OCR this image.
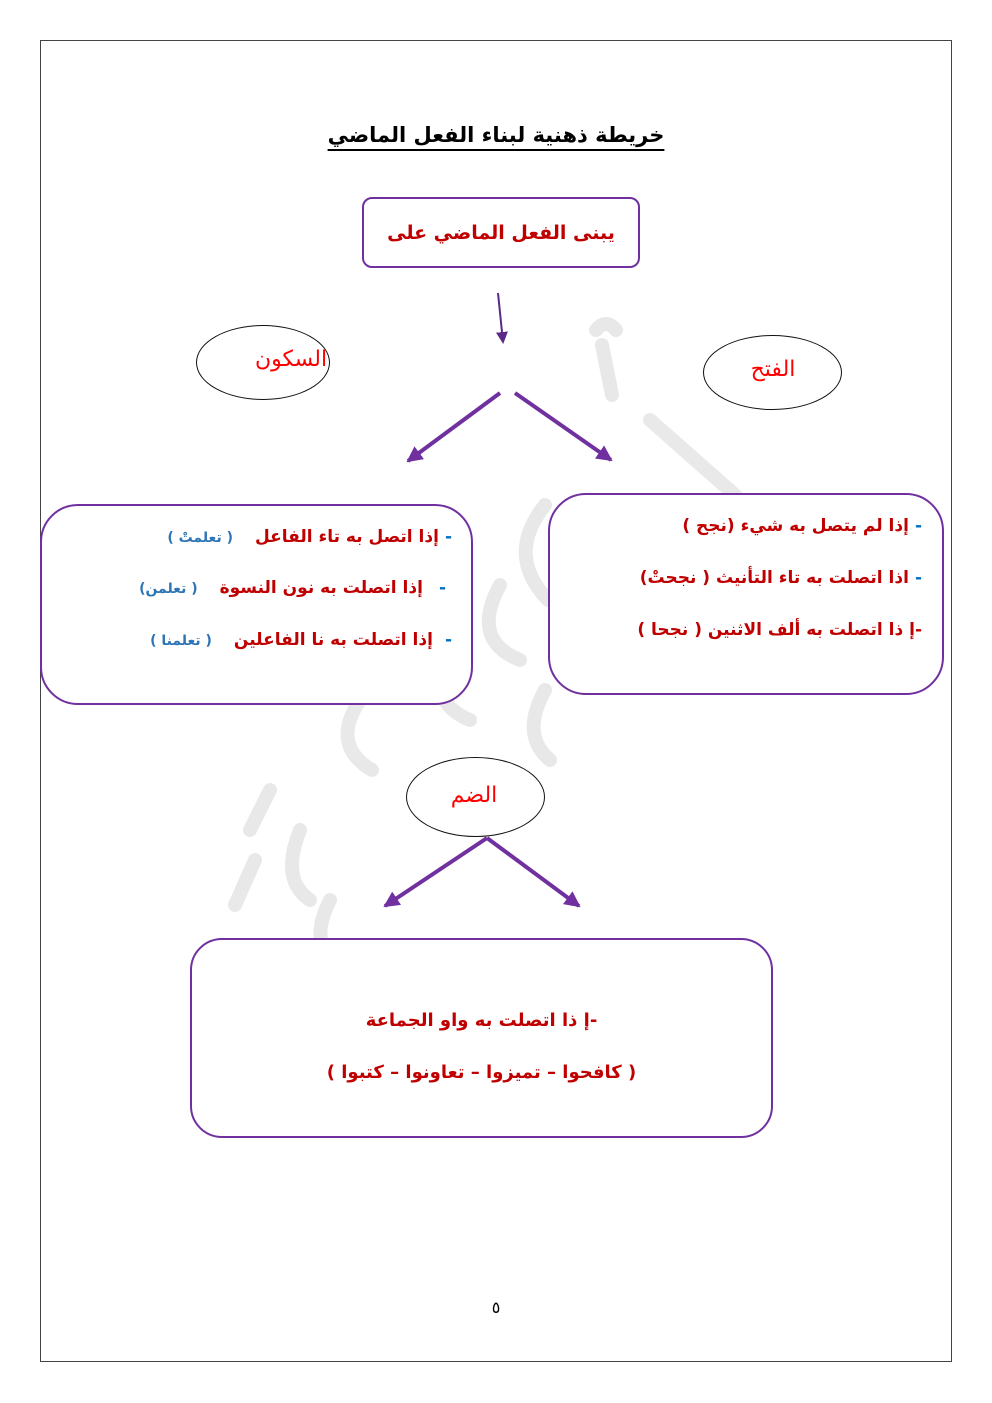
خريطة ذهنية لبناء الفعل الماضي
يبنى الفعل الماضي على
السكون	الفتح
الضم
-إذا اتصل به تاء الفاعل( تعلمتْ )
-إذا اتصلت به نون النسوة( تعلمن)
-إذا اتصلت به نا الفاعلين( تعلمنا )
-إذا لم يتصل به شيء (نجح )
-اذا اتصلت به تاء التأنيث ( نجحتْ)
-إ ذا اتصلت به ألف الاثنين ( نجحا )
-إ ذا اتصلت به واو الجماعة
( كافحوا – تميزوا – تعاونوا – كتبوا )
٥
